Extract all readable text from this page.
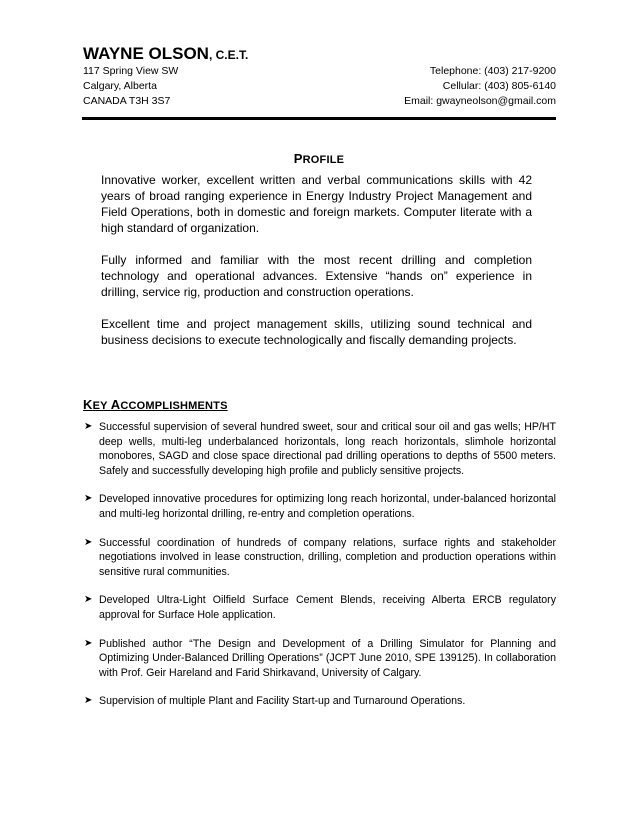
WAYNE OLSON, C.E.T.
117 Spring View SW
Calgary, Alberta
CANADA T3H 3S7
Telephone: (403) 217-9200
Cellular: (403) 805-6140
Email: gwayneolson@gmail.com
PROFILE

Innovative worker, excellent written and verbal communications skills with 42 years of broad ranging experience in Energy Industry Project Management and Field Operations, both in domestic and foreign markets. Computer literate with a high standard of organization.

Fully informed and familiar with the most recent drilling and completion technology and operational advances. Extensive “hands on” experience in drilling, service rig, production and construction operations.

Excellent time and project management skills, utilizing sound technical and business decisions to execute technologically and fiscally demanding projects.

KEY ACCOMPLISHMENTS
➤ Successful supervision of several hundred sweet, sour and critical sour oil and gas wells; HP/HT deep wells, multi-leg underbalanced horizontals, long reach horizontals, slimhole horizontal monobores, SAGD and close space directional pad drilling operations to depths of 5500 meters. Safely and successfully developing high profile and publicly sensitive projects.
➤ Developed innovative procedures for optimizing long reach horizontal, under-balanced horizontal and multi-leg horizontal drilling, re-entry and completion operations.
➤ Successful coordination of hundreds of company relations, surface rights and stakeholder negotiations involved in lease construction, drilling, completion and production operations within sensitive rural communities.
➤ Developed Ultra-Light Oilfield Surface Cement Blends, receiving Alberta ERCB regulatory approval for Surface Hole application.
➤ Published author “The Design and Development of a Drilling Simulator for Planning and Optimizing Under-Balanced Drilling Operations” (JCPT June 2010, SPE 139125). In collaboration with Prof. Geir Hareland and Farid Shirkavand, University of Calgary.
➤ Supervision of multiple Plant and Facility Start-up and Turnaround Operations.
